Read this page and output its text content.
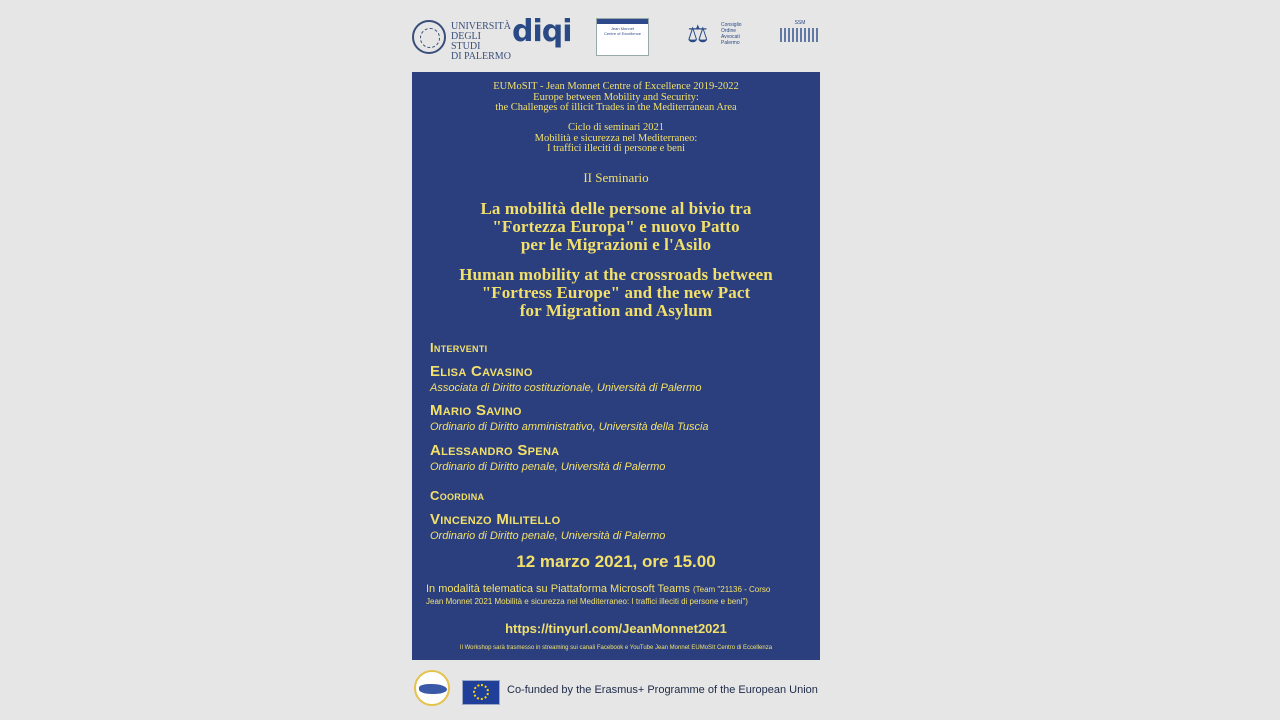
UNIVERSITÀ
DEGLI STUDI
DI PALERMO
diqi	Jean Monnet
Centre of Excellence ⚖	Consiglio
Ordine
Avvocati
Palermo
SSM
EUMoSIT - Jean Monnet Centre of Excellence 2019-2022
Europe between Mobility and Security:
the Challenges of illicit Trades in the Mediterranean Area
Ciclo di seminari 2021
Mobilità e sicurezza nel Mediterraneo:
I traffici illeciti di persone e beni
II Seminario
La mobilità delle persone al bivio tra
"Fortezza Europa" e nuovo Patto
per le Migrazioni e l'Asilo
Human mobility at the crossroads between
"Fortress Europe" and the new Pact
for Migration and Asylum
Interventi
Elisa Cavasino
Associata di Diritto costituzionale, Università di Palermo
Mario Savino
Ordinario di Diritto amministrativo, Università della Tuscia
Alessandro Spena
Ordinario di Diritto penale, Università di Palermo
Coordina
Vincenzo Militello
Ordinario di Diritto penale, Università di Palermo
12 marzo 2021, ore 15.00
In modalità telematica su Piattaforma Microsoft Teams (Team "21136 - Corso
Jean Monnet 2021 Mobilità e sicurezza nel Mediterraneo: I traffici illeciti di persone e beni")
https://tinyurl.com/JeanMonnet2021
Il Workshop sarà trasmesso in streaming sui canali Facebook e YouTube Jean Monnet EUMoSIt Centro di Eccellenza
Co-funded by the Erasmus+ Programme of the European Union
